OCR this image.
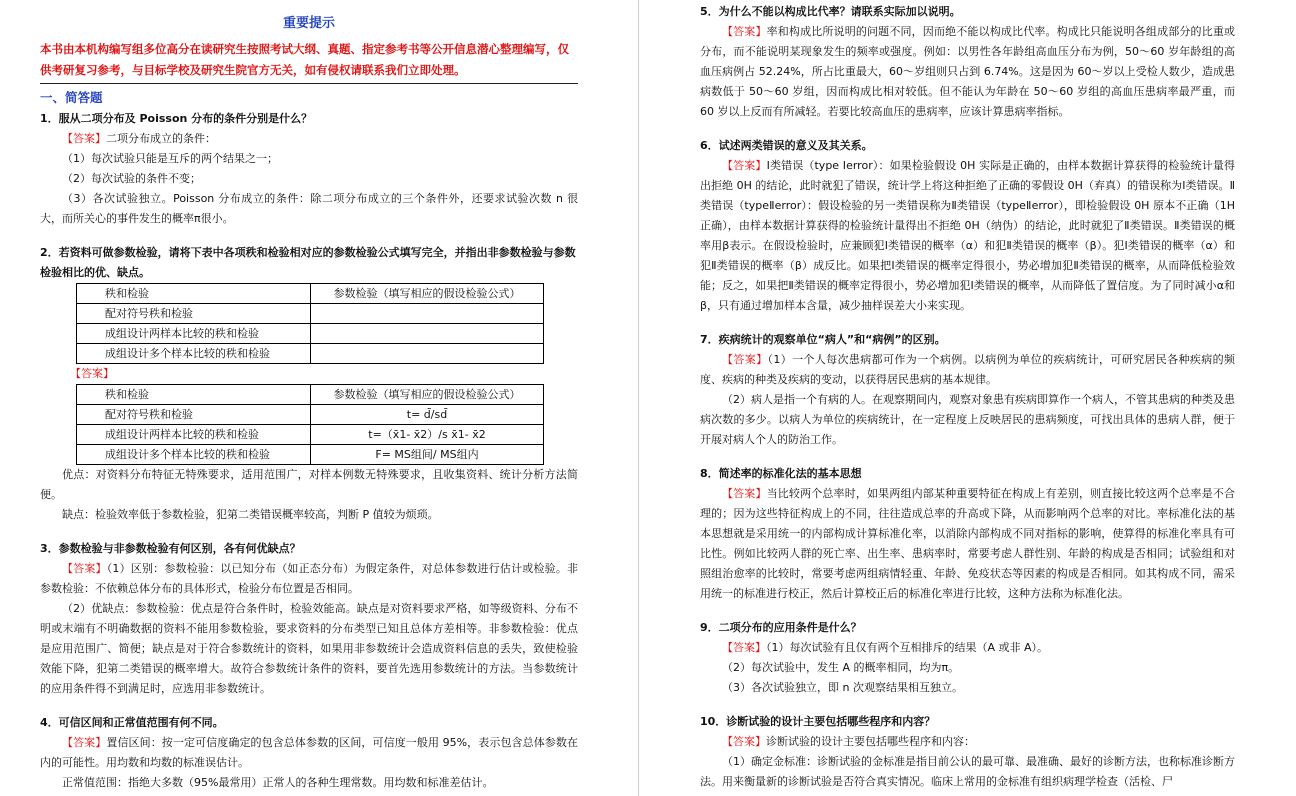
重要提示
本书由本机构编写组多位高分在读研究生按照考试大纲、真题、指定参考书等公开信息潜心整理编写，仅供考研复习参考，与目标学校及研究生院官方无关，如有侵权请联系我们立即处理。
一、简答题
1．服从二项分布及 Poisson 分布的条件分别是什么？
【答案】二项分布成立的条件：
（1）每次试验只能是互斥的两个结果之一；
（2）每次试验的条件不变；
（3）各次试验独立。Poisson 分布成立的条件：除二项分布成立的三个条件外，还要求试验次数 n 很大，而所关心的事件发生的概率π很小。
2．若资料可做参数检验，请将下表中各项秩和检验相对应的参数检验公式填写完全，并指出非参数检验与参数检验相比的优、缺点。
秩和检验	参数检验（填写相应的假设检验公式）
配对符号秩和检验	
成组设计两样本比较的秩和检验	
成组设计多个样本比较的秩和检验	
【答案】
秩和检验	参数检验（填写相应的假设检验公式）
配对符号秩和检验	t= d̄/sd̄
成组设计两样本比较的秩和检验	t=（x̄1- x̄2）/s x̄1- x̄2
成组设计多个样本比较的秩和检验	F= MS组间/ MS组内
优点：对资料分布特征无特殊要求，适用范围广，对样本例数无特殊要求，且收集资料、统计分析方法简便。
缺点：检验效率低于参数检验，犯第二类错误概率较高，判断 P 值较为烦琐。
3．参数检验与非参数检验有何区别，各有何优缺点？
【答案】（1）区别：参数检验：以已知分布（如正态分布）为假定条件，对总体参数进行估计或检验。非参数检验：不依赖总体分布的具体形式，检验分布位置是否相同。
（2）优缺点：参数检验：优点是符合条件时，检验效能高。缺点是对资料要求严格，如等级资料、分布不明或末端有不明确数据的资料不能用参数检验，要求资料的分布类型已知且总体方差相等。非参数检验：优点是应用范围广、简便；缺点是对于符合参数统计的资料，如果用非参数统计会造成资料信息的丢失，致使检验效能下降，犯第二类错误的概率增大。故符合参数统计条件的资料，要首先选用参数统计的方法。当参数统计的应用条件得不到满足时，应选用非参数统计。
4．可信区间和正常值范围有何不同。
【答案】置信区间：按一定可信度确定的包含总体参数的区间，可信度一般用 95%，表示包含总体参数在内的可能性。用均数和均数的标准误估计。
正常值范围：指绝大多数（95%最常用）正常人的各种生理常数。用均数和标准差估计。
5．为什么不能以构成比代率？请联系实际加以说明。
【答案】率和构成比所说明的问题不同，因而绝不能以构成比代率。构成比只能说明各组成部分的比重或分布，而不能说明某现象发生的频率或强度。例如：以男性各年龄组高血压分布为例，50～60 岁年龄组的高血压病例占 52.24%，所占比重最大，60～岁组则只占到 6.74%。这是因为 60～岁以上受检人数少，造成患病数低于 50～60 岁组，因而构成比相对较低。但不能认为年龄在 50～60 岁组的高血压患病率最严重，而 60 岁以上反而有所减轻。若要比较高血压的患病率，应该计算患病率指标。
6．试述两类错误的意义及其关系。
【答案】Ⅰ类错误（type Ⅰerror）：如果检验假设 0H 实际是正确的，由样本数据计算获得的检验统计量得出拒绝 0H 的结论，此时就犯了错误，统计学上将这种拒绝了正确的零假设 0H（弃真）的错误称为Ⅰ类错误。Ⅱ类错误（typeⅡerror）：假设检验的另一类错误称为Ⅱ类错误（typeⅡerror），即检验假设 0H 原本不正确（1H 正确），由样本数据计算获得的检验统计量得出不拒绝 0H（纳伪）的结论，此时就犯了Ⅱ类错误。Ⅱ类错误的概率用β表示。在假设检验时，应兼顾犯Ⅰ类错误的概率（α）和犯Ⅱ类错误的概率（β）。犯Ⅰ类错误的概率（α）和犯Ⅱ类错误的概率（β）成反比。如果把Ⅰ类错误的概率定得很小，势必增加犯Ⅱ类错误的概率，从而降低检验效能；反之，如果把Ⅱ类错误的概率定得很小，势必增加犯Ⅰ类错误的概率，从而降低了置信度。为了同时减小α和β，只有通过增加样本含量，减少抽样误差大小来实现。
7．疾病统计的观察单位“病人”和“病例”的区别。
【答案】（1）一个人每次患病都可作为一个病例。以病例为单位的疾病统计，可研究居民各种疾病的频度、疾病的种类及疾病的变动，以获得居民患病的基本规律。
（2）病人是指一个有病的人。在观察期间内，观察对象患有疾病即算作一个病人，不管其患病的种类及患病次数的多少。以病人为单位的疾病统计，在一定程度上反映居民的患病频度，可找出具体的患病人群，便于开展对病人个人的防治工作。
8．简述率的标准化法的基本思想
【答案】当比较两个总率时，如果两组内部某种重要特征在构成上有差别，则直接比较这两个总率是不合理的；因为这些特征构成上的不同，往往造成总率的升高或下降，从而影响两个总率的对比。率标准化法的基本思想就是采用统一的内部构成计算标准化率，以消除内部构成不同对指标的影响，使算得的标准化率具有可比性。例如比较两人群的死亡率、出生率、患病率时，常要考虑人群性别、年龄的构成是否相同；试验组和对照组治愈率的比较时，常要考虑两组病情轻重、年龄、免疫状态等因素的构成是否相同。如其构成不同，需采用统一的标准进行校正，然后计算校正后的标准化率进行比较，这种方法称为标准化法。
9．二项分布的应用条件是什么？
【答案】（1）每次试验有且仅有两个互相排斥的结果（A 或非 A）。
（2）每次试验中，发生 A 的概率相同，均为π。
（3）各次试验独立，即 n 次观察结果相互独立。
10．诊断试验的设计主要包括哪些程序和内容？
【答案】诊断试验的设计主要包括哪些程序和内容：
（1）确定金标准：诊断试验的金标准是指目前公认的最可靠、最准确、最好的诊断方法，也称标准诊断方法。用来衡量新的诊断试验是否符合真实情况。临床上常用的金标准有组织病理学检查（活检、尸
